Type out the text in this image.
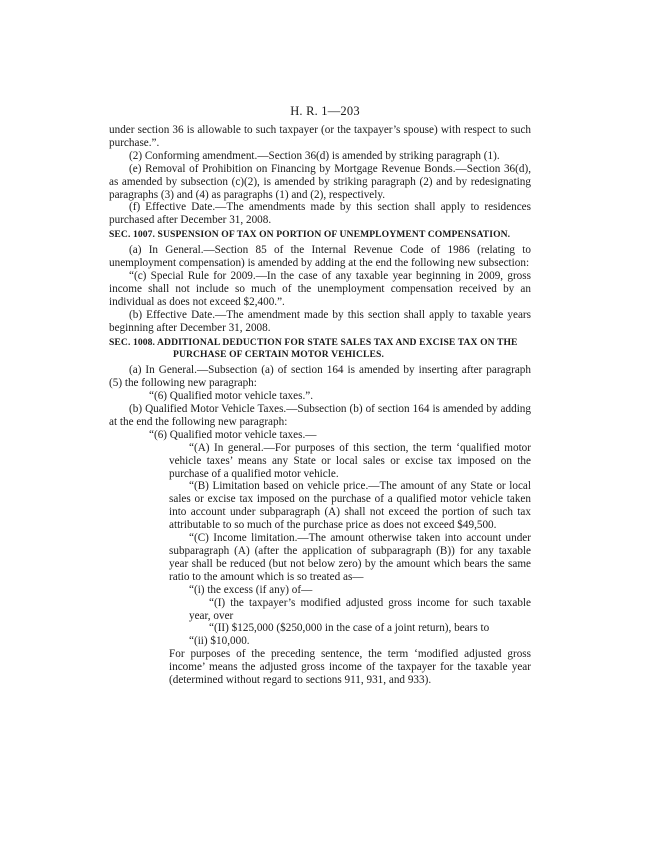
H. R. 1—203

under section 36 is allowable to such taxpayer (or the taxpayer’s spouse) with respect to such purchase.”.

(2) Conforming amendment.—Section 36(d) is amended by striking paragraph (1).

(e) Removal of Prohibition on Financing by Mortgage Revenue Bonds.—Section 36(d), as amended by subsection (c)(2), is amended by striking paragraph (2) and by redesignating paragraphs (3) and (4) as paragraphs (1) and (2), respectively.

(f) Effective Date.—The amendments made by this section shall apply to residences purchased after December 31, 2008.

SEC. 1007. SUSPENSION OF TAX ON PORTION OF UNEMPLOYMENT COMPENSATION.

(a) In General.—Section 85 of the Internal Revenue Code of 1986 (relating to unemployment compensation) is amended by adding at the end the following new subsection:

“(c) Special Rule for 2009.—In the case of any taxable year beginning in 2009, gross income shall not include so much of the unemployment compensation received by an individual as does not exceed $2,400.”.

(b) Effective Date.—The amendment made by this section shall apply to taxable years beginning after December 31, 2008.

SEC. 1008. ADDITIONAL DEDUCTION FOR STATE SALES TAX AND EXCISE TAX ON THE PURCHASE OF CERTAIN MOTOR VEHICLES.

(a) In General.—Subsection (a) of section 164 is amended by inserting after paragraph (5) the following new paragraph:

“(6) Qualified motor vehicle taxes.”.

(b) Qualified Motor Vehicle Taxes.—Subsection (b) of section 164 is amended by adding at the end the following new paragraph:

“(6) Qualified motor vehicle taxes.—

“(A) In general.—For purposes of this section, the term ‘qualified motor vehicle taxes’ means any State or local sales or excise tax imposed on the purchase of a qualified motor vehicle.

“(B) Limitation based on vehicle price.—The amount of any State or local sales or excise tax imposed on the purchase of a qualified motor vehicle taken into account under subparagraph (A) shall not exceed the portion of such tax attributable to so much of the purchase price as does not exceed $49,500.

“(C) Income limitation.—The amount otherwise taken into account under subparagraph (A) (after the application of subparagraph (B)) for any taxable year shall be reduced (but not below zero) by the amount which bears the same ratio to the amount which is so treated as—

“(i) the excess (if any) of—

“(I) the taxpayer’s modified adjusted gross income for such taxable year, over

“(II) $125,000 ($250,000 in the case of a joint return), bears to

“(ii) $10,000.

For purposes of the preceding sentence, the term ‘modified adjusted gross income’ means the adjusted gross income of the taxpayer for the taxable year (determined without regard to sections 911, 931, and 933).
